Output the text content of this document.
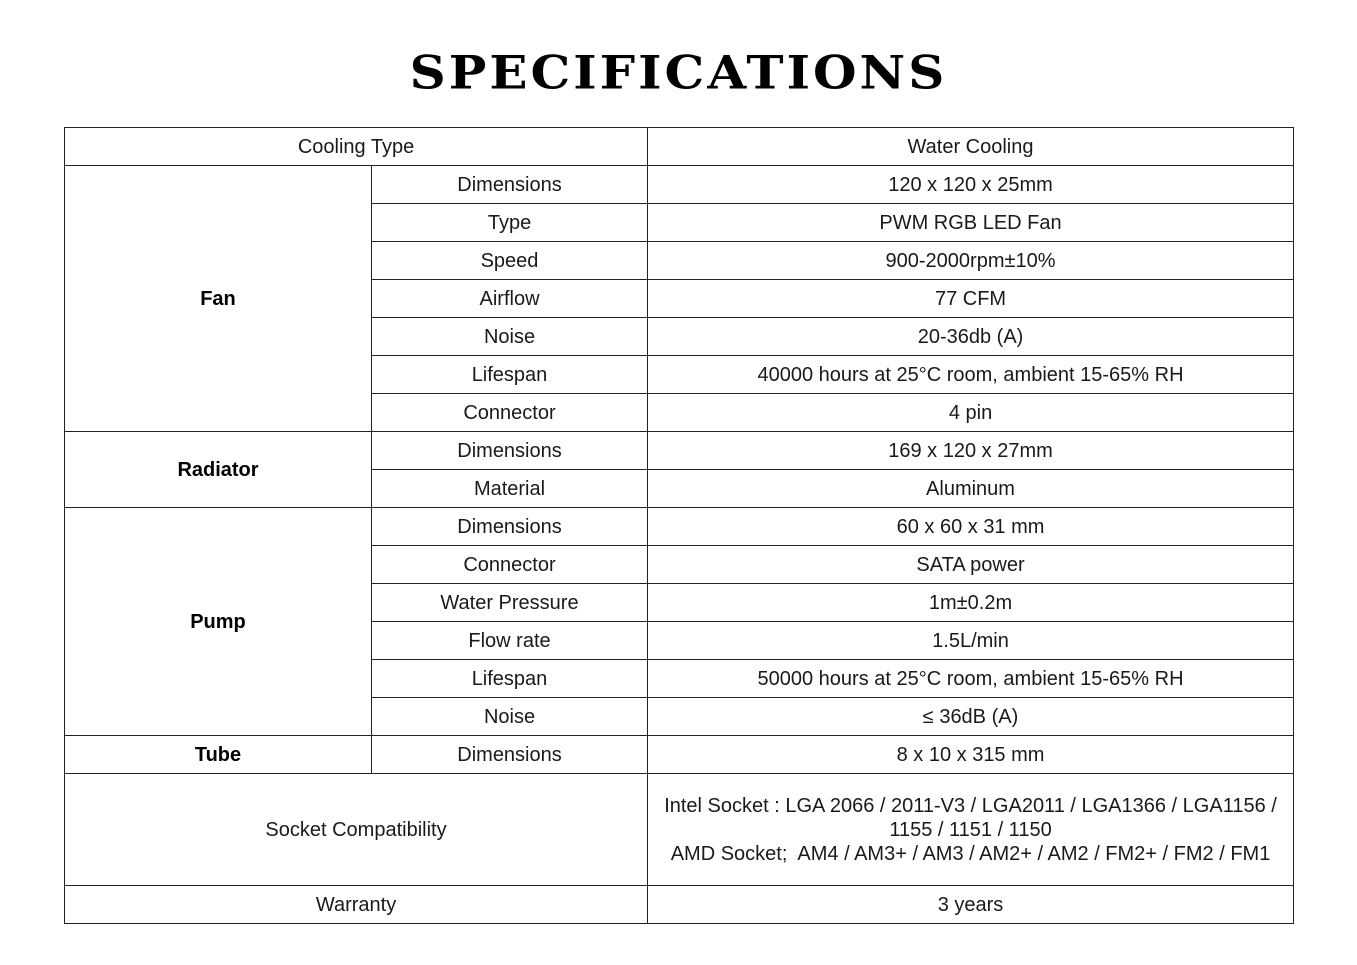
SPECIFICATIONS
Cooling Type		Water Cooling
Fan	Dimensions	120 x 120 x 25mm
	Type	PWM RGB LED Fan
	Speed	900-2000rpm±10%
	Airflow	77 CFM
	Noise	20-36db (A)
	Lifespan	40000 hours at 25°C room, ambient 15-65% RH
	Connector	4 pin
Radiator	Dimensions	169 x 120 x 27mm
	Material	Aluminum
Pump	Dimensions	60 x 60 x 31 mm
	Connector	SATA power
	Water Pressure	1m±0.2m
	Flow rate	1.5L/min
	Lifespan	50000 hours at 25°C room, ambient 15-65% RH
	Noise	≤ 36dB (A)
Tube	Dimensions	8 x 10 x 315 mm
Socket Compatibility		Intel Socket : LGA 2066 / 2011-V3 / LGA2011 / LGA1366 / LGA1156 / 1155 / 1151 / 1150
AMD Socket;  AM4 / AM3+ / AM3 / AM2+ / AM2 / FM2+ / FM2 / FM1

Warranty		3 years
